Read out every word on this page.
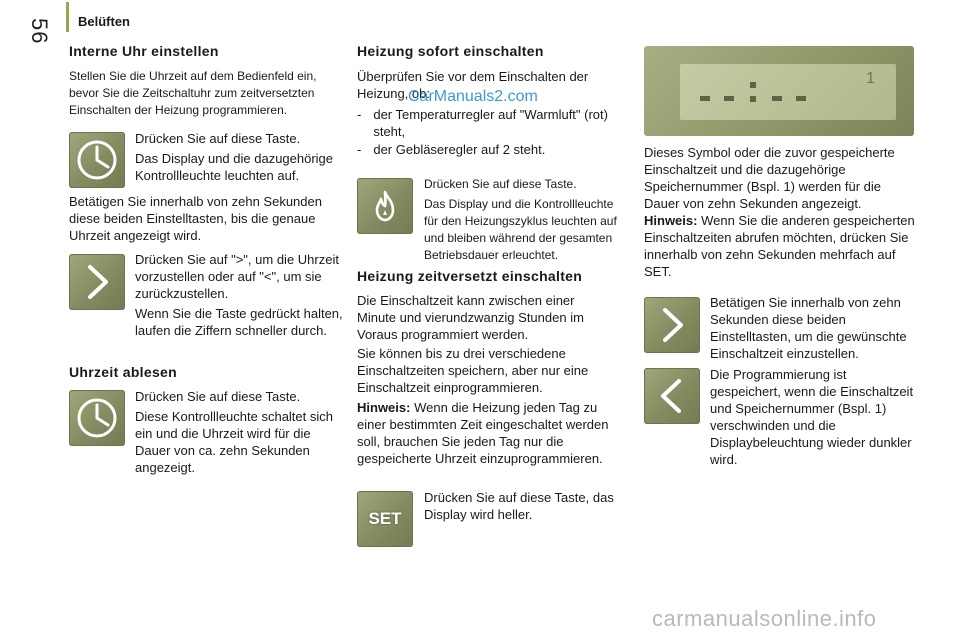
Belüften
56
Interne Uhr einstellen

Stellen Sie die Uhrzeit auf dem Bedienfeld ein, bevor Sie die Zeitschaltuhr zum zeitversetzten Einschalten der Heizung programmieren.

Drücken Sie auf diese Taste.

Das Display und die dazugehörige Kontrollleuchte leuchten auf.

Betätigen Sie innerhalb von zehn Sekunden diese beiden Einstelltasten, bis die genaue Uhrzeit angezeigt wird.

Drücken Sie auf ">", um die Uhrzeit vorzustellen oder auf "<", um sie zurückzustellen.

Wenn Sie die Taste gedrückt halten, laufen die Ziffern schneller durch.

Uhrzeit ablesen

Drücken Sie auf diese Taste.

Diese Kontrollleuchte schaltet sich ein und die Uhrzeit wird für die Dauer von ca. zehn Sekunden angezeigt.

Heizung sofort einschalten

Überprüfen Sie vor dem Einschalten der Heizung, ob:

- der Temperaturregler auf "Warmluft" (rot) steht,
- der Gebläseregler auf 2 steht.

Drücken Sie auf diese Taste.

Das Display und die Kontrollleuchte für den Heizungszyklus leuchten auf und bleiben während der gesamten Betriebsdauer erleuchtet.

Heizung zeitversetzt einschalten

Die Einschaltzeit kann zwischen einer Minute und vierundzwanzig Stunden im Voraus programmiert werden.

Sie können bis zu drei verschiedene Einschaltzeiten speichern, aber nur eine Einschaltzeit einprogrammieren.

Hinweis: Wenn die Heizung jeden Tag zu einer bestimmten Zeit eingeschaltet werden soll, brauchen Sie jeden Tag nur die gespeicherte Uhrzeit einzuprogrammieren.

SET

Drücken Sie auf diese Taste, das Display wird heller.

1
CarManuals2.com

Dieses Symbol oder die zuvor gespeicherte Einschaltzeit und die dazugehörige Speichernummer (Bspl. 1) werden für die Dauer von zehn Sekunden angezeigt.

Hinweis: Wenn Sie die anderen gespeicherten Einschaltzeiten abrufen möchten, drücken Sie innerhalb von zehn Sekunden mehrfach auf SET.

Betätigen Sie innerhalb von zehn Sekunden diese beiden Einstelltasten, um die gewünschte Einschaltzeit einzustellen.

Die Programmierung ist gespeichert, wenn die Einschaltzeit und Speichernummer (Bspl. 1) verschwinden und die Displaybeleuchtung wieder dunkler wird.

carmanualsonline.info
